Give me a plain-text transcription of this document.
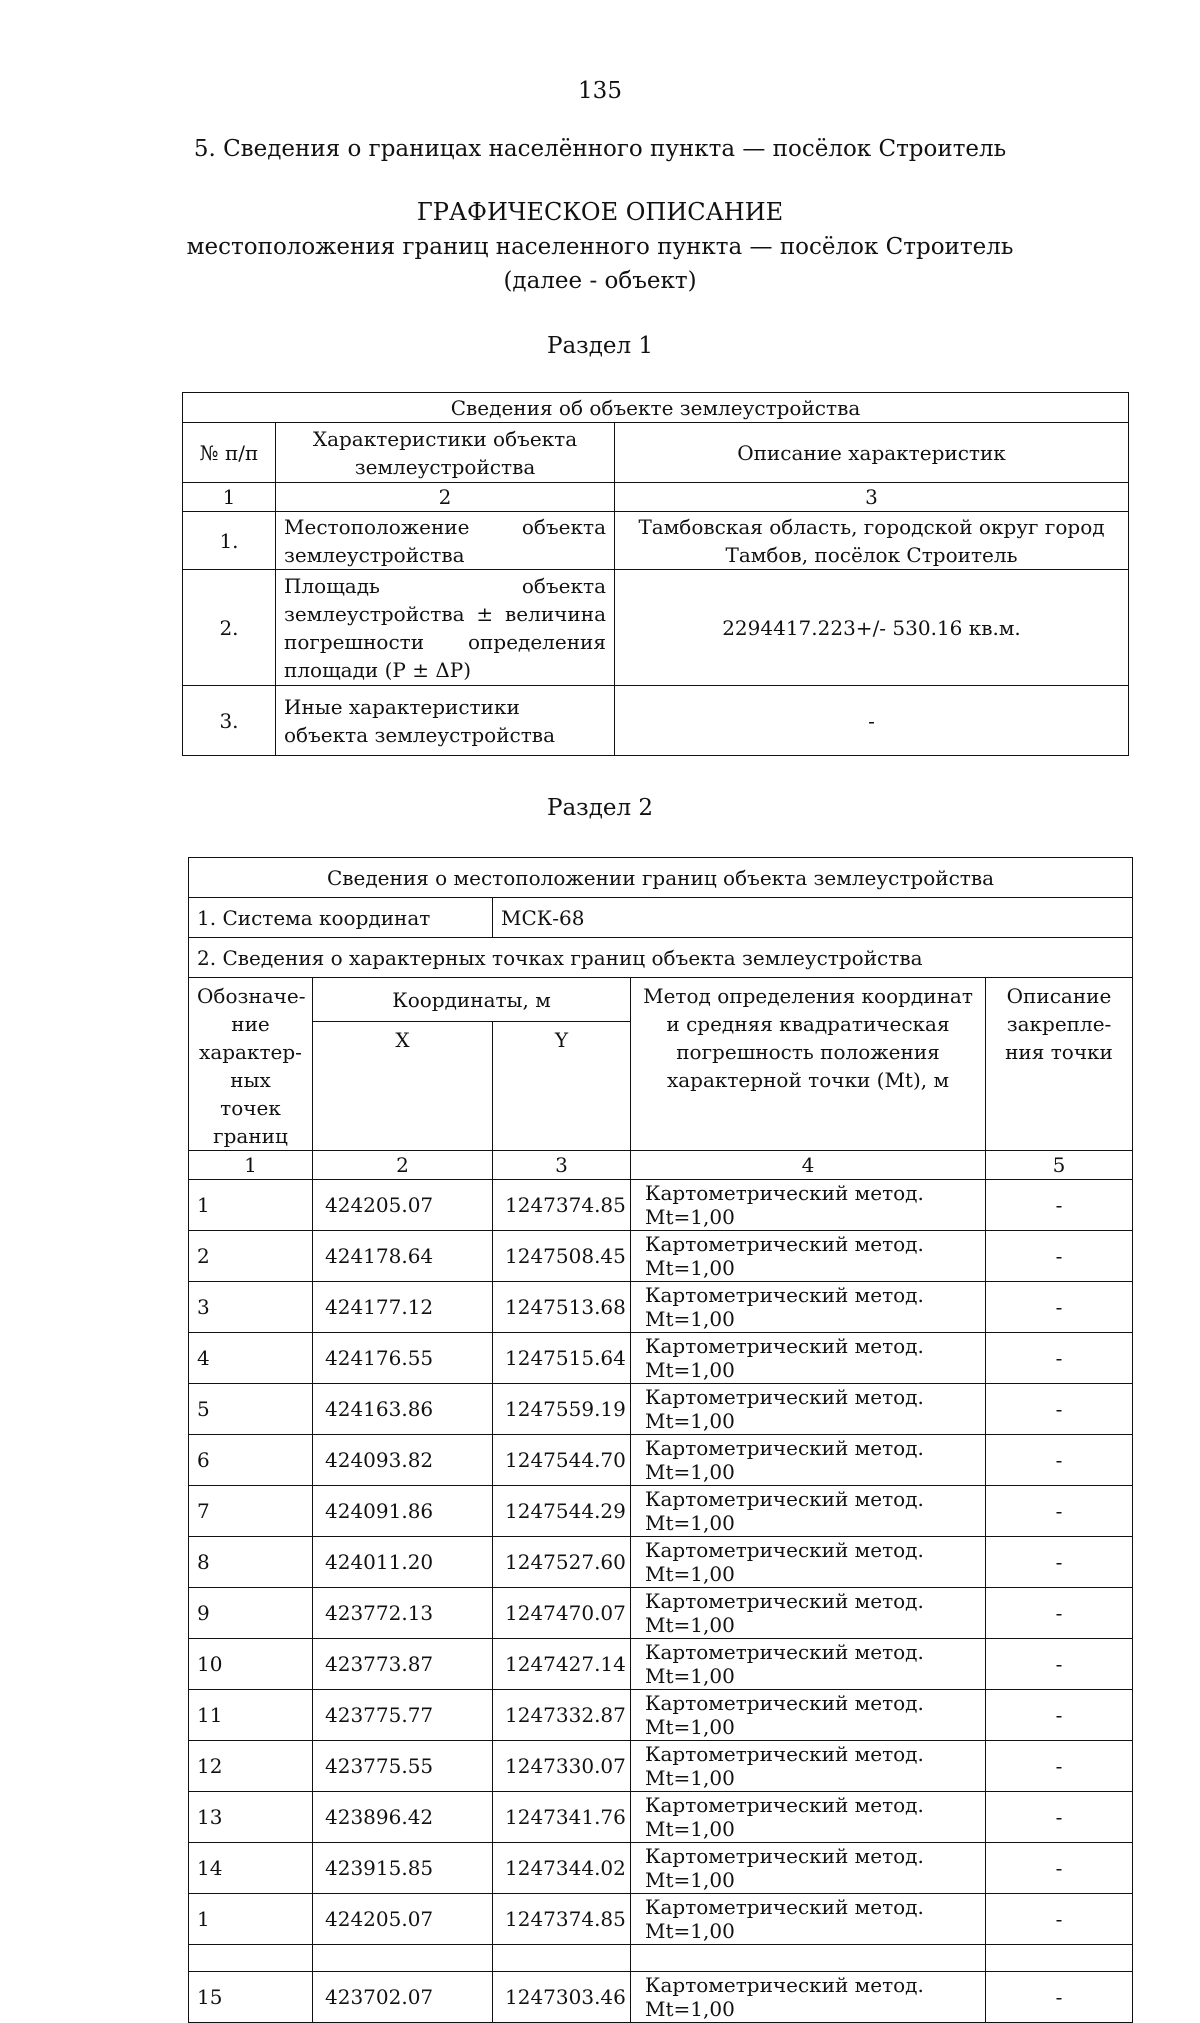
135
5. Сведения о границах населённого пункта — посёлок Строитель
ГРАФИЧЕСКОЕ ОПИСАНИЕ
местоположения границ населенного пункта — посёлок Строитель
(далее - объект)
Раздел 1
Сведения об объекте землеустройства		
№ п/п	Характеристики объекта землеустройства	Описание характеристик
1	2	3
1.	Местоположение объекта землеустройства	Тамбовская область, городской округ город Тамбов, посёлок Строитель
2.	Площадь объекта землеустройства ± величина погрешности определения площади (P ± ΔP)	2294417.223+/- 530.16 кв.м.
3.	Иные характеристики объекта землеустройства	-
Раздел 2
Сведения о местоположении границ объекта землеустройства				
1. Система координат		МСК-68		
2. Сведения о характерных точках границ объекта землеустройства				
Обозначе-ние характер-ных точек границ	Координаты, м		Метод определения координат и средняя квадратическая погрешность положения характерной точки (Mt), м	Описание закрепле-ния точки
	X	Y		
1	2	3	4	5
1	424205.07	1247374.85	Картометрический метод. Mt=1,00	-
2	424178.64	1247508.45	Картометрический метод. Mt=1,00	-
3	424177.12	1247513.68	Картометрический метод. Mt=1,00	-
4	424176.55	1247515.64	Картометрический метод. Mt=1,00	-
5	424163.86	1247559.19	Картометрический метод. Mt=1,00	-
6	424093.82	1247544.70	Картометрический метод. Mt=1,00	-
7	424091.86	1247544.29	Картометрический метод. Mt=1,00	-
8	424011.20	1247527.60	Картометрический метод. Mt=1,00	-
9	423772.13	1247470.07	Картометрический метод. Mt=1,00	-
10	423773.87	1247427.14	Картометрический метод. Mt=1,00	-
11	423775.77	1247332.87	Картометрический метод. Mt=1,00	-
12	423775.55	1247330.07	Картометрический метод. Mt=1,00	-
13	423896.42	1247341.76	Картометрический метод. Mt=1,00	-
14	423915.85	1247344.02	Картометрический метод. Mt=1,00	-
1	424205.07	1247374.85	Картометрический метод. Mt=1,00	-

15	423702.07	1247303.46	Картометрический метод. Mt=1,00	-
